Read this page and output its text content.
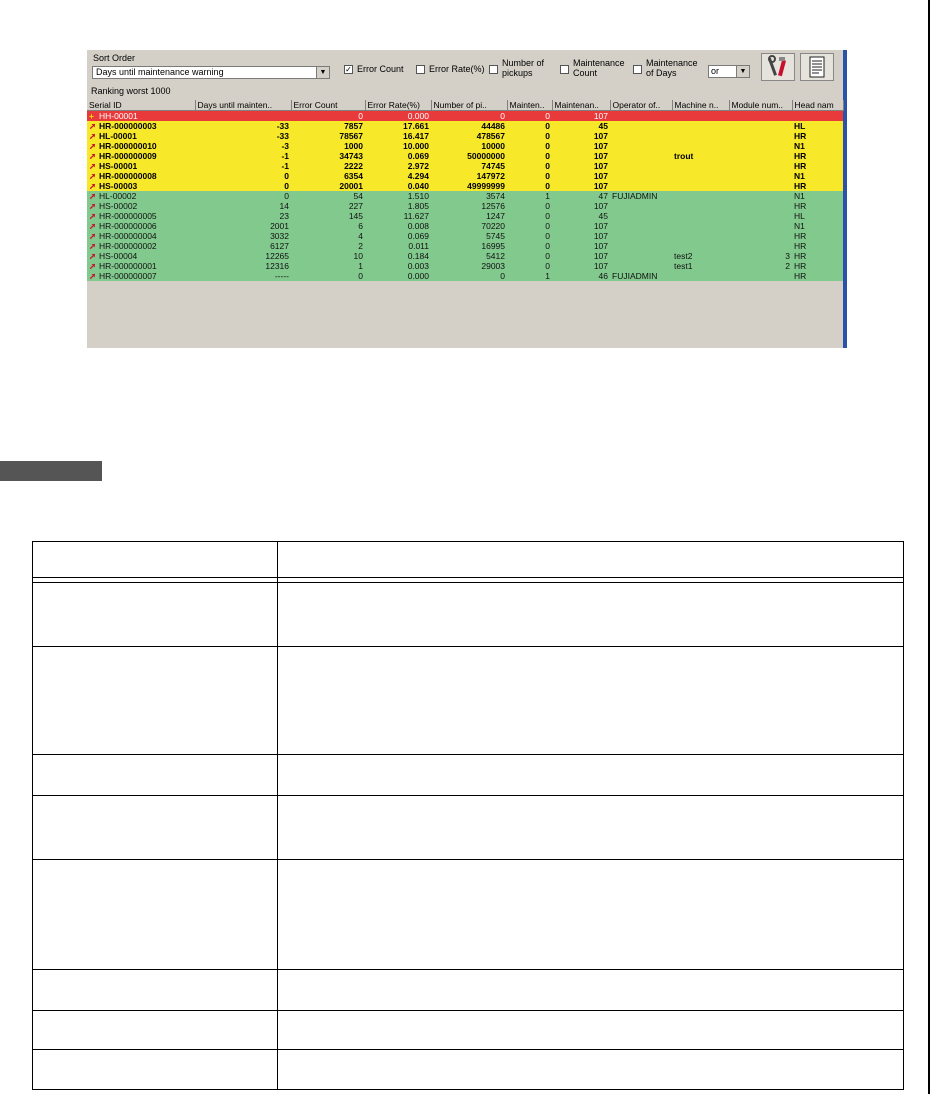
Sort Order
Days until maintenance warning	▼	✓ Error Count	Error Rate(%)
Number of
pickups
Maintenance
Count
Maintenance
of Days	or	▼
Ranking worst 1000
Serial ID	Days until mainten..	Error Count	Error Rate(%)	Number of pi..	Mainten..	Maintenan..	Operator of..	Machine n..	Module num..	Head nam
+ HH-00001		0	0.000	0	0	107				
➚ HR-000000003	-33	7857	17.661	44486	0	45				HL
➚ HL-00001	-33	78567	16.417	478567	0	107				HR
➚ HR-000000010	-3	1000	10.000	10000	0	107				N1
➚ HR-000000009	-1	34743	0.069	50000000	0	107		trout		HR
➚ HS-00001	-1	2222	2.972	74745	0	107				HR
➚ HR-000000008	0	6354	4.294	147972	0	107				N1
➚ HS-00003	0	20001	0.040	49999999	0	107				HR
➚ HL-00002	0	54	1.510	3574	1	47	FUJIADMIN			N1
➚ HS-00002	14	227	1.805	12576	0	107				HR
➚ HR-000000005	23	145	11.627	1247	0	45				HL
➚ HR-000000006	2001	6	0.008	70220	0	107				N1
➚ HR-000000004	3032	4	0.069	5745	0	107				HR
➚ HR-000000002	6127	2	0.011	16995	0	107				HR
➚ HS-00004	12265	10	0.184	5412	0	107		test2	3	HR
➚ HR-000000001	12316	1	0.003	29003	0	107		test1	2	HR
➚ HR-000000007	-----	0	0.000	0	1	46	FUJIADMIN			HR
